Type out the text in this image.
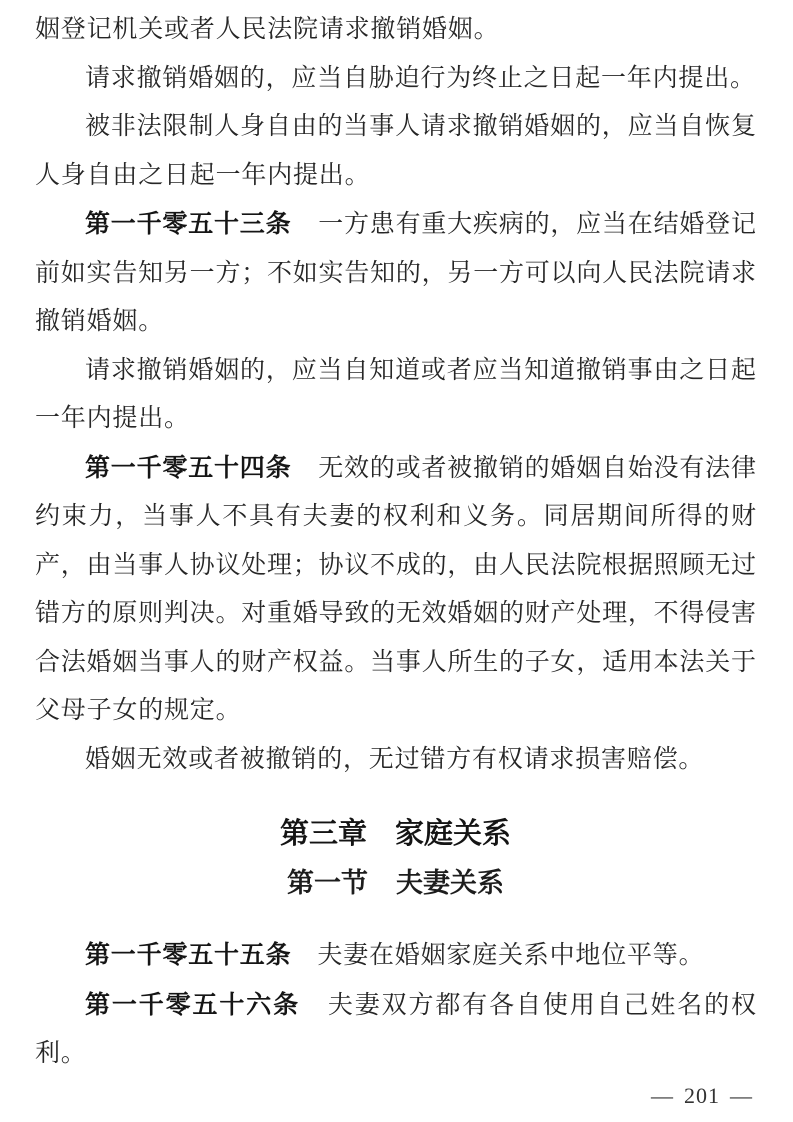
姻登记机关或者人民法院请求撤销婚姻。
请求撤销婚姻的，应当自胁迫行为终止之日起一年内提出。
被非法限制人身自由的当事人请求撤销婚姻的，应当自恢复
人身自由之日起一年内提出。
第一千零五十三条 一方患有重大疾病的，应当在结婚登记
前如实告知另一方；不如实告知的，另一方可以向人民法院请求
撤销婚姻。
请求撤销婚姻的，应当自知道或者应当知道撤销事由之日起
一年内提出。
第一千零五十四条 无效的或者被撤销的婚姻自始没有法律
约束力，当事人不具有夫妻的权利和义务。同居期间所得的财
产，由当事人协议处理；协议不成的，由人民法院根据照顾无过
错方的原则判决。对重婚导致的无效婚姻的财产处理，不得侵害
合法婚姻当事人的财产权益。当事人所生的子女，适用本法关于
父母子女的规定。
婚姻无效或者被撤销的，无过错方有权请求损害赔偿。
第三章 家庭关系
第一节 夫妻关系
第一千零五十五条 夫妻在婚姻家庭关系中地位平等。
第一千零五十六条 夫妻双方都有各自使用自己姓名的权
利。
— 201 —
